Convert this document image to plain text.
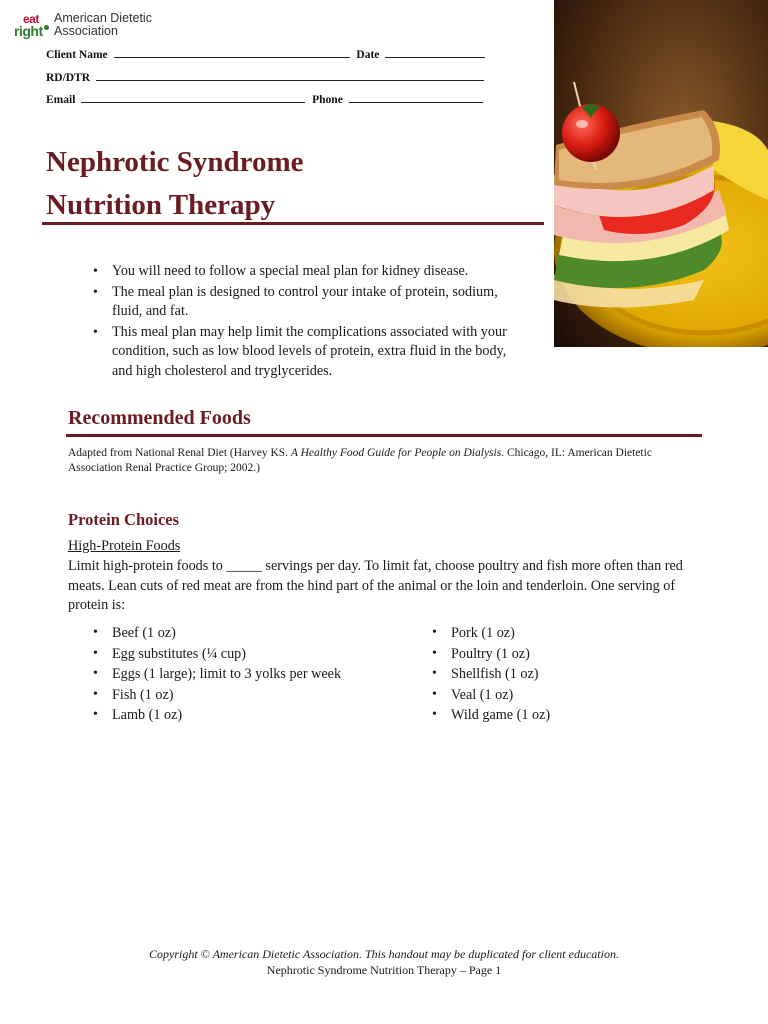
eat
right
American Dietetic
Association
Client Name	Date
RD/DTR
Email	Phone
Nephrotic Syndrome
Nutrition Therapy
• You will need to follow a special meal plan for kidney disease.
• The meal plan is designed to control your intake of protein, sodium, fluid, and fat.
• This meal plan may help limit the complications associated with your condition, such as low blood levels of protein, extra fluid in the body, and high cholesterol and tryglycerides.
Recommended Foods
Adapted from National Renal Diet (Harvey KS. A Healthy Food Guide for People on Dialysis. Chicago, IL: American Dietetic Association Renal Practice Group; 2002.)
Protein Choices
High-Protein Foods
Limit high-protein foods to _____ servings per day. To limit fat, choose poultry and fish more often than red meats. Lean cuts of red meat are from the hind part of the animal or the loin and tenderloin. One serving of protein is:
• Beef (1 oz)
• Egg substitutes (¼ cup)
• Eggs (1 large); limit to 3 yolks per week
• Fish (1 oz)
• Lamb (1 oz)
• Pork (1 oz)
• Poultry (1 oz)
• Shellfish (1 oz)
• Veal (1 oz)
• Wild game (1 oz)
Copyright © American Dietetic Association. This handout may be duplicated for client education.
Nephrotic Syndrome Nutrition Therapy – Page 1
